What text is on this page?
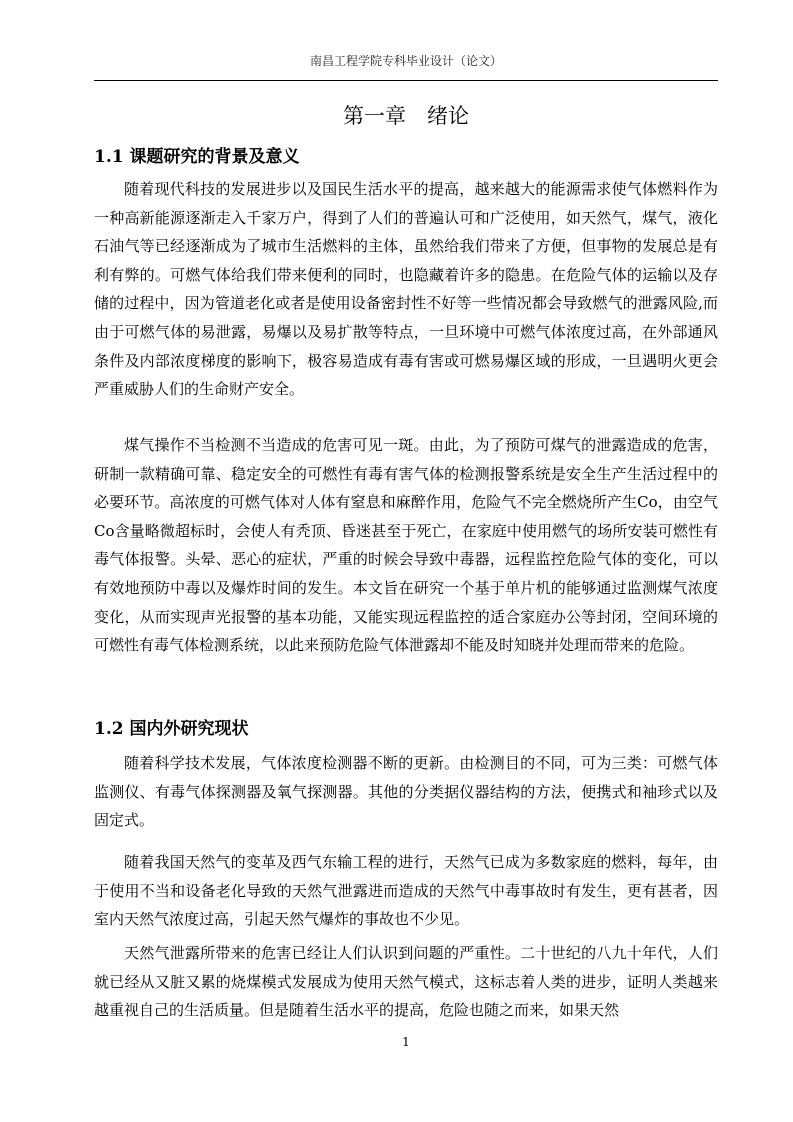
南昌工程学院专科毕业设计（论文）
第一章　绪论
1.1 课题研究的背景及意义

随着现代科技的发展进步以及国民生活水平的提高，越来越大的能源需求使气体燃料作为一种高新能源逐渐走入千家万户，得到了人们的普遍认可和广泛使用，如天然气，煤气，液化石油气等已经逐渐成为了城市生活燃料的主体，虽然给我们带来了方便，但事物的发展总是有利有弊的。可燃气体给我们带来便利的同时，也隐藏着许多的隐患。在危险气体的运输以及存储的过程中，因为管道老化或者是使用设备密封性不好等一些情况都会导致燃气的泄露风险,而由于可燃气体的易泄露，易爆以及易扩散等特点，一旦环境中可燃气体浓度过高，在外部通风条件及内部浓度梯度的影响下，极容易造成有毒有害或可燃易爆区域的形成，一旦遇明火更会严重威胁人们的生命财产安全。

煤气操作不当检测不当造成的危害可见一斑。由此，为了预防可煤气的泄露造成的危害，研制一款精确可靠、稳定安全的可燃性有毒有害气体的检测报警系统是安全生产生活过程中的必要环节。高浓度的可燃气体对人体有窒息和麻醉作用，危险气不完全燃烧所产生Co，由空气Co含量略微超标时，会使人有秃顶、昏迷甚至于死亡，在家庭中使用燃气的场所安装可燃性有毒气体报警。头晕、恶心的症状，严重的时候会导致中毒器，远程监控危险气体的变化，可以有效地预防中毒以及爆炸时间的发生。本文旨在研究一个基于单片机的能够通过监测煤气浓度变化，从而实现声光报警的基本功能，又能实现远程监控的适合家庭办公等封闭，空间环境的可燃性有毒气体检测系统，以此来预防危险气体泄露却不能及时知晓并处理而带来的危险。

1.2 国内外研究现状

随着科学技术发展，气体浓度检测器不断的更新。由检测目的不同，可为三类：可燃气体监测仪、有毒气体探测器及氧气探测器。其他的分类据仪器结构的方法，便携式和袖珍式以及固定式。

随着我国天然气的变革及西气东输工程的进行，天然气已成为多数家庭的燃料，每年，由于使用不当和设备老化导致的天然气泄露进而造成的天然气中毒事故时有发生，更有甚者，因室内天然气浓度过高，引起天然气爆炸的事故也不少见。

天然气泄露所带来的危害已经让人们认识到问题的严重性。二十世纪的八九十年代，人们就已经从又脏又累的烧煤模式发展成为使用天然气模式，这标志着人类的进步，证明人类越来越重视自己的生活质量。但是随着生活水平的提高，危险也随之而来，如果天然

1
